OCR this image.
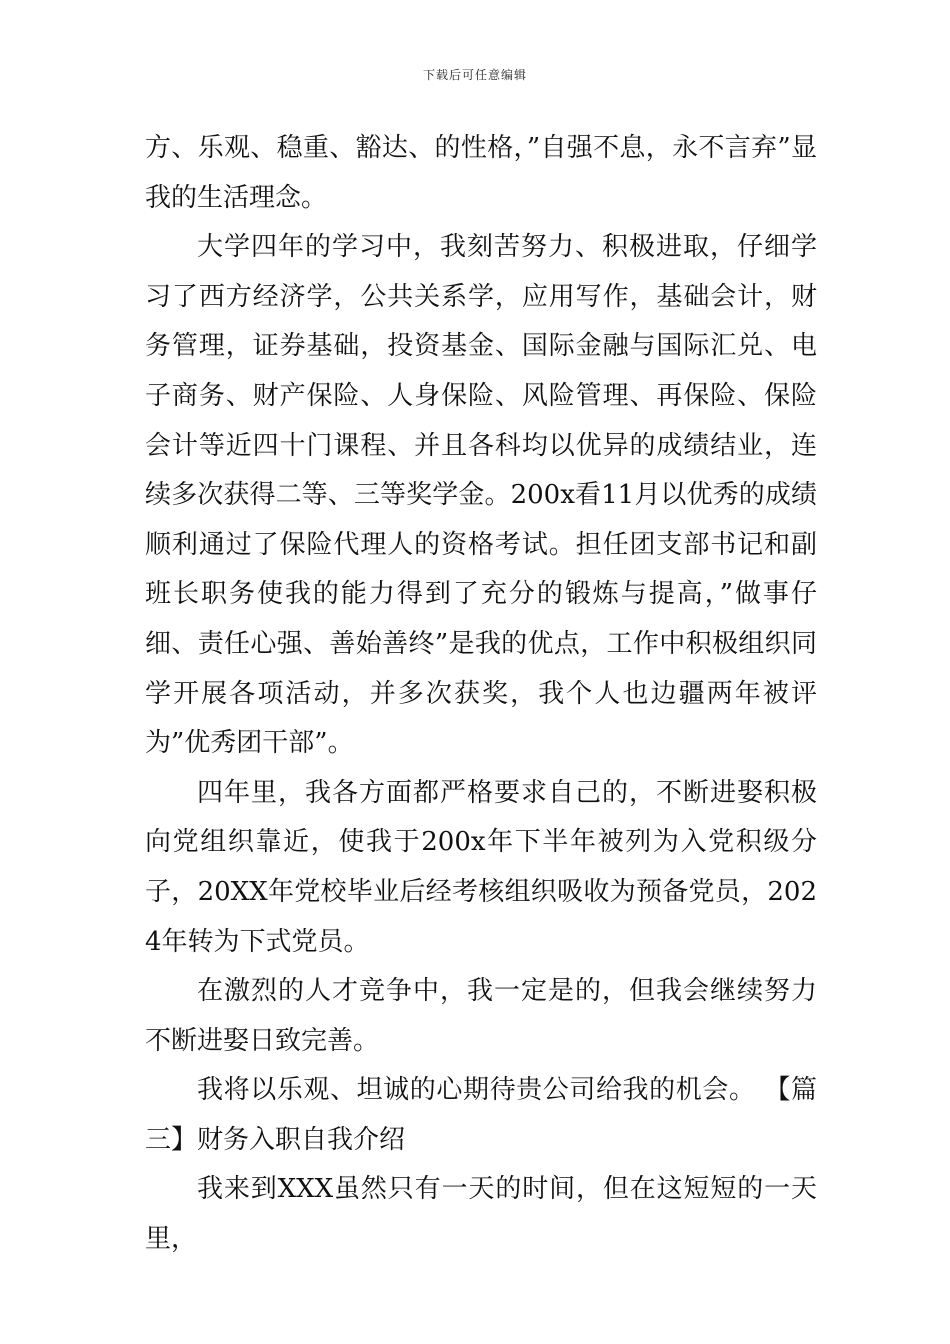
下载后可任意编辑

方、乐观、稳重、豁达、的性格，”自强不息，永不言弃”显我的生活理念。

大学四年的学习中，我刻苦努力、积极进取，仔细学习了西方经济学，公共关系学，应用写作，基础会计，财务管理，证券基础，投资基金、国际金融与国际汇兑、电子商务、财产保险、人身保险、风险管理、再保险、保险会计等近四十门课程、并且各科均以优异的成绩结业，连续多次获得二等、三等奖学金。200x看11月以优秀的成绩顺利通过了保险代理人的资格考试。担任团支部书记和副班长职务使我的能力得到了充分的锻炼与提高，”做事仔细、责任心强、善始善终”是我的优点，工作中积极组织同学开展各项活动，并多次获奖，我个人也边疆两年被评为”优秀团干部”。

四年里，我各方面都严格要求自己的，不断进娶积极向党组织靠近，使我于200x年下半年被列为入党积级分子，20XX年党校毕业后经考核组织吸收为预备党员，2024年转为下式党员。

在激烈的人才竞争中，我一定是的，但我会继续努力不断进娶日致完善。

我将以乐观、坦诚的心期待贵公司给我的机会。 【篇三】财务入职自我介绍

我来到XXX虽然只有一天的时间，但在这短短的一天里，
